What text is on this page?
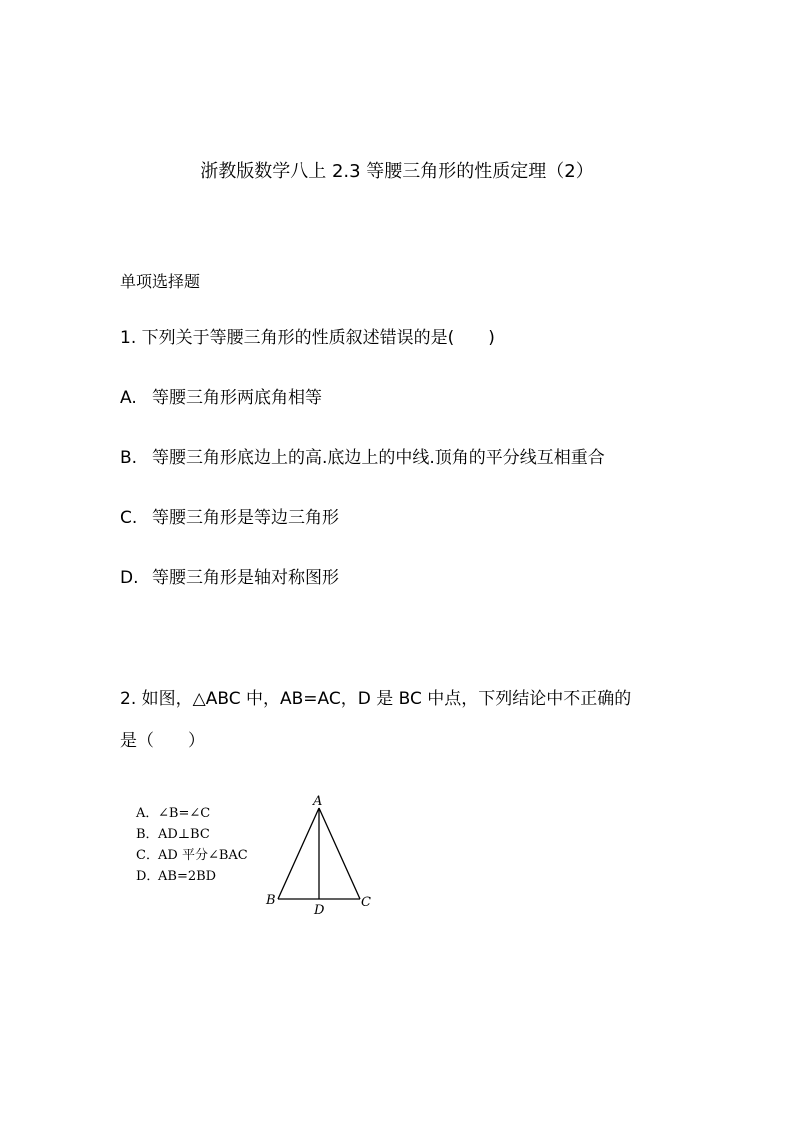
浙教版数学八上 2.3 等腰三角形的性质定理（2）
单项选择题
1. 下列关于等腰三角形的性质叙述错误的是(　　)
A. 等腰三角形两底角相等
B. 等腰三角形底边上的高.底边上的中线.顶角的平分线互相重合
C. 等腰三角形是等边三角形
D. 等腰三角形是轴对称图形
2. 如图，△ABC 中，AB=AC，D 是 BC 中点，下列结论中不正确的
是（　　）
A．∠B=∠C
B．AD⊥BC
C．AD 平分∠BAC
D．AB=2BD
A
B	C
D
